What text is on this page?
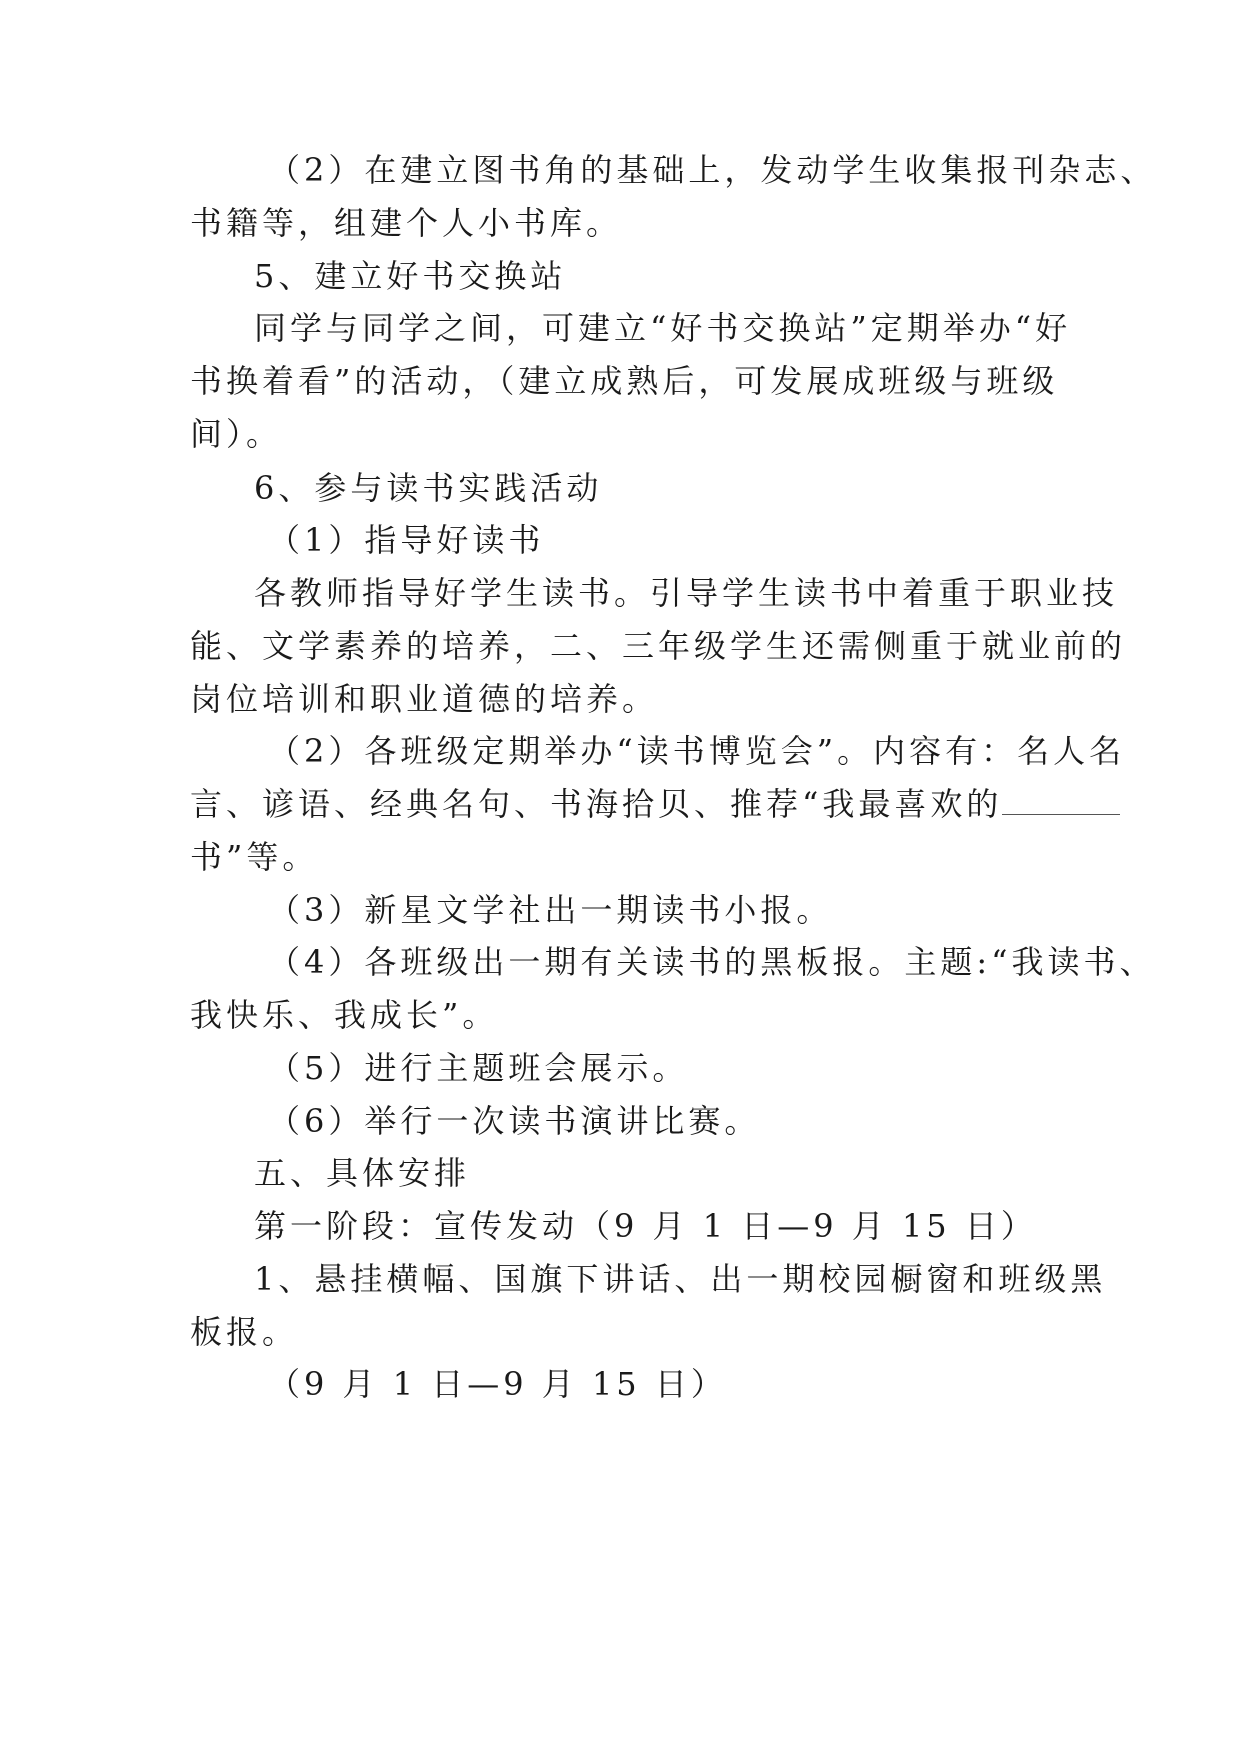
（2）在建立图书角的基础上，发动学生收集报刊杂志、
书籍等，组建个人小书库。
5、建立好书交换站
同学与同学之间，可建立“好书交换站”定期举办“好
书换着看”的活动，（建立成熟后，可发展成班级与班级
间）。
6、参与读书实践活动
（1）指导好读书
各教师指导好学生读书。引导学生读书中着重于职业技
能、文学素养的培养，二、三年级学生还需侧重于就业前的
岗位培训和职业道德的培养。
（2）各班级定期举办“读书博览会”。内容有：名人名
言、谚语、经典名句、书海拾贝、推荐“我最喜欢的
书”等。
（3）新星文学社出一期读书小报。
（4）各班级出一期有关读书的黑板报。主题:“我读书、
我快乐、我成长”。
（5）进行主题班会展示。
（6）举行一次读书演讲比赛。
五、具体安排
第一阶段：宣传发动（9 月 1 日—9 月 15 日）
1、悬挂横幅、国旗下讲话、出一期校园橱窗和班级黑
板报。
（9 月 1 日—9 月 15 日）
